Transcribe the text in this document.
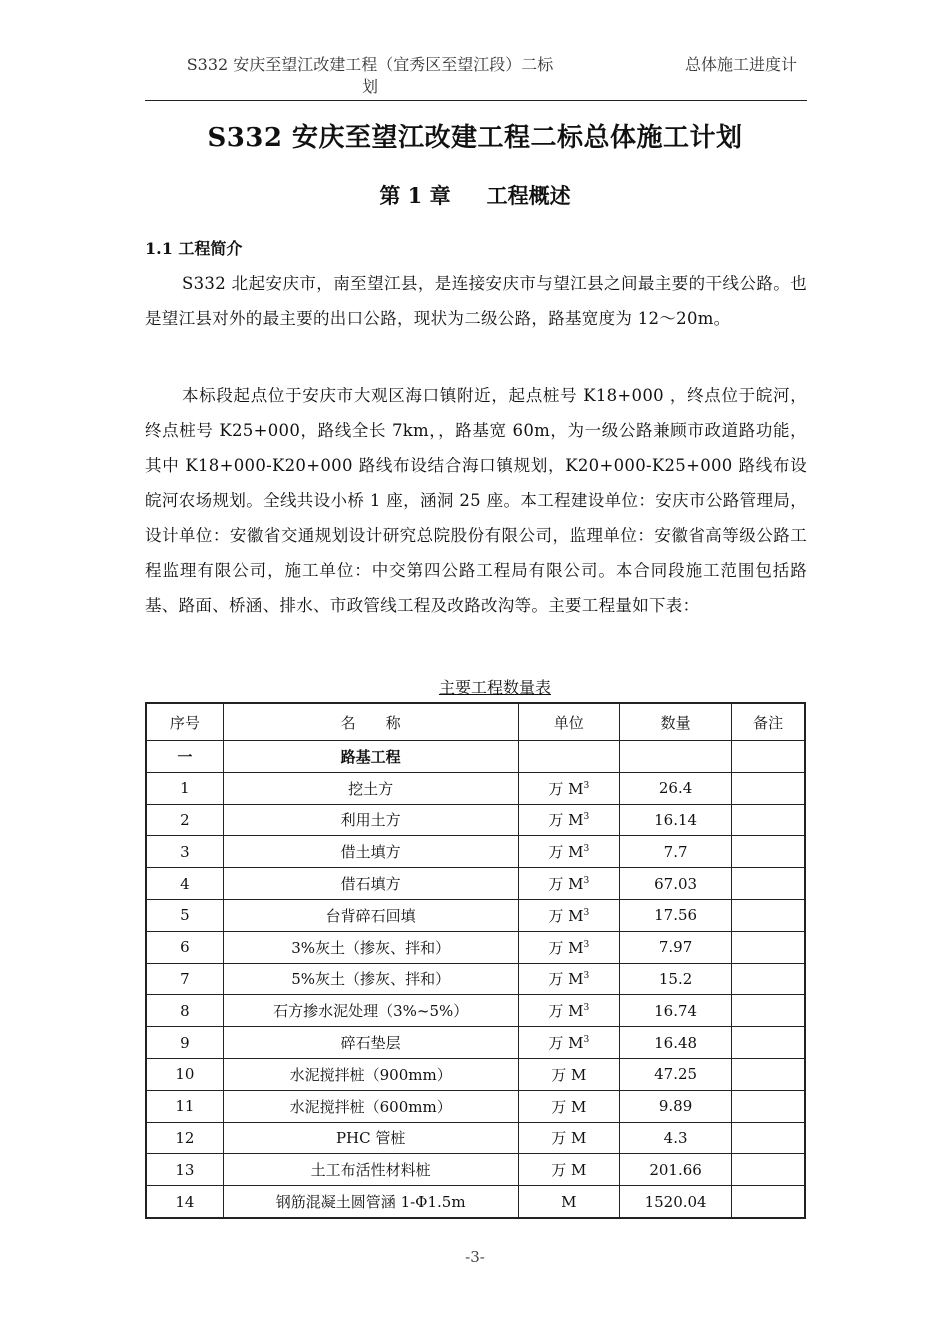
S332 安庆至望江改建工程（宜秀区至望江段）二标
划
总体施工进度计
S332 安庆至望江改建工程二标总体施工计划
第 1 章 工程概述
1.1 工程简介

S332 北起安庆市，南至望江县，是连接安庆市与望江县之间最主要的干线公路。也是望江县对外的最主要的出口公路，现状为二级公路，路基宽度为 12～20m。

本标段起点位于安庆市大观区海口镇附近，起点桩号 K18+000 ，终点位于皖河，终点桩号 K25+000，路线全长 7km，，路基宽 60m，为一级公路兼顾市政道路功能，其中 K18+000-K20+000 路线布设结合海口镇规划，K20+000-K25+000 路线布设皖河农场规划。全线共设小桥 1 座，涵洞 25 座。本工程建设单位：安庆市公路管理局，设计单位：安徽省交通规划设计研究总院股份有限公司，监理单位：安徽省高等级公路工程监理有限公司，施工单位：中交第四公路工程局有限公司。本合同段施工范围包括路基、路面、桥涵、排水、市政管线工程及改路改沟等。主要工程量如下表：

主要工程数量表
序号	名　　称	单位	数量	备注
一	路基工程			
1	挖土方	万 $M^3$	26.4	
2	利用土方	万 $M^3$	16.14	
3	借土填方	万 $M^3$	7.7	
4	借石填方	万 $M^3$	67.03	
5	台背碎石回填	万 $M^3$	17.56	
6	3%灰土（掺灰、拌和）	万 $M^3$	7.97	
7	5%灰土（掺灰、拌和）	万 $M^3$	15.2	
8	石方掺水泥处理（3%~5%）	万 $M^3$	16.74	
9	碎石垫层	万 $M^3$	16.48	
10	水泥搅拌桩（900mm）	万 M	47.25	
11	水泥搅拌桩（600mm）	万 M	9.89	
12	PHC 管桩	万 M	4.3	
13	土工布活性材料桩	万 M	201.66	
14	钢筋混凝土圆管涵 1-Φ1.5m	M	1520.04	
-3-
